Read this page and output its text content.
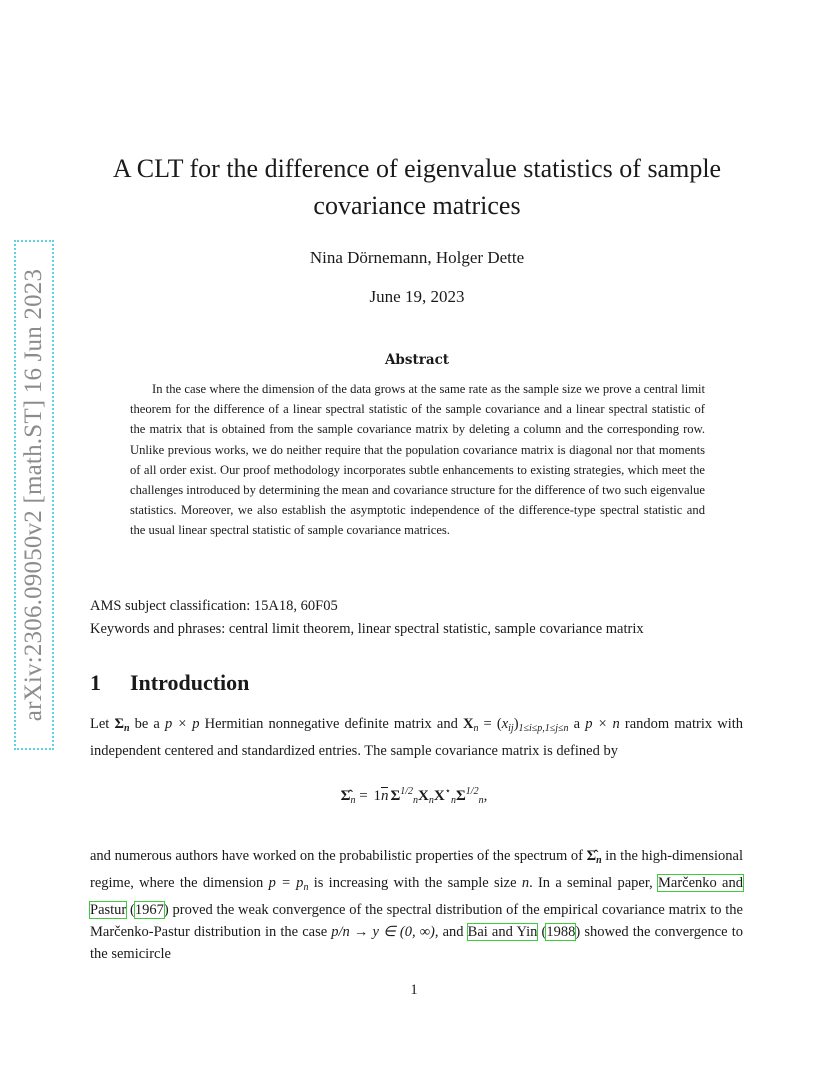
arXiv:2306.09050v2 [math.ST] 16 Jun 2023
A CLT for the difference of eigenvalue statistics of sample covariance matrices
Nina Dörnemann, Holger Dette
June 19, 2023
Abstract

In the case where the dimension of the data grows at the same rate as the sample size we prove a central limit theorem for the difference of a linear spectral statistic of the sample covariance and a linear spectral statistic of the matrix that is obtained from the sample covariance matrix by deleting a column and the corresponding row. Unlike previous works, we do neither require that the population covariance matrix is diagonal nor that moments of all order exist. Our proof methodology incorporates subtle enhancements to existing strategies, which meet the challenges introduced by determining the mean and covariance structure for the difference of two such eigenvalue statistics. Moreover, we also establish the asymptotic independence of the difference-type spectral statistic and the usual linear spectral statistic of sample covariance matrices.

AMS subject classification: 15A18, 60F05
Keywords and phrases: central limit theorem, linear spectral statistic, sample covariance matrix
1 Introduction

Let $\Sigma_n$ be a p × p Hermitian nonnegative definite matrix and $X_n = (x_{ij})_{1\le i\le p,1\le j\le n}$ a p × n random matrix with independent centered and standardized entries. The sample covariance matrix is defined by

$\Sigmâ_n = 1n$ $\Sigma^{1/2}_nX_nX^⋆_n\Sigma^{1/2}_n$,

and numerous authors have worked on the probabilistic properties of the spectrum of $\Sigmâ_n$ in the high-dimensional regime, where the dimension $p = p_n$ is increasing with the sample size n. In a seminal paper, Marčenko and Pastur (1967) proved the weak convergence of the spectral distribution of the empirical covariance matrix to the Marčenko-Pastur distribution in the case p/n → y ∈ (0, ∞), and Bai and Yin (1988) showed the convergence to the semicircle

1
